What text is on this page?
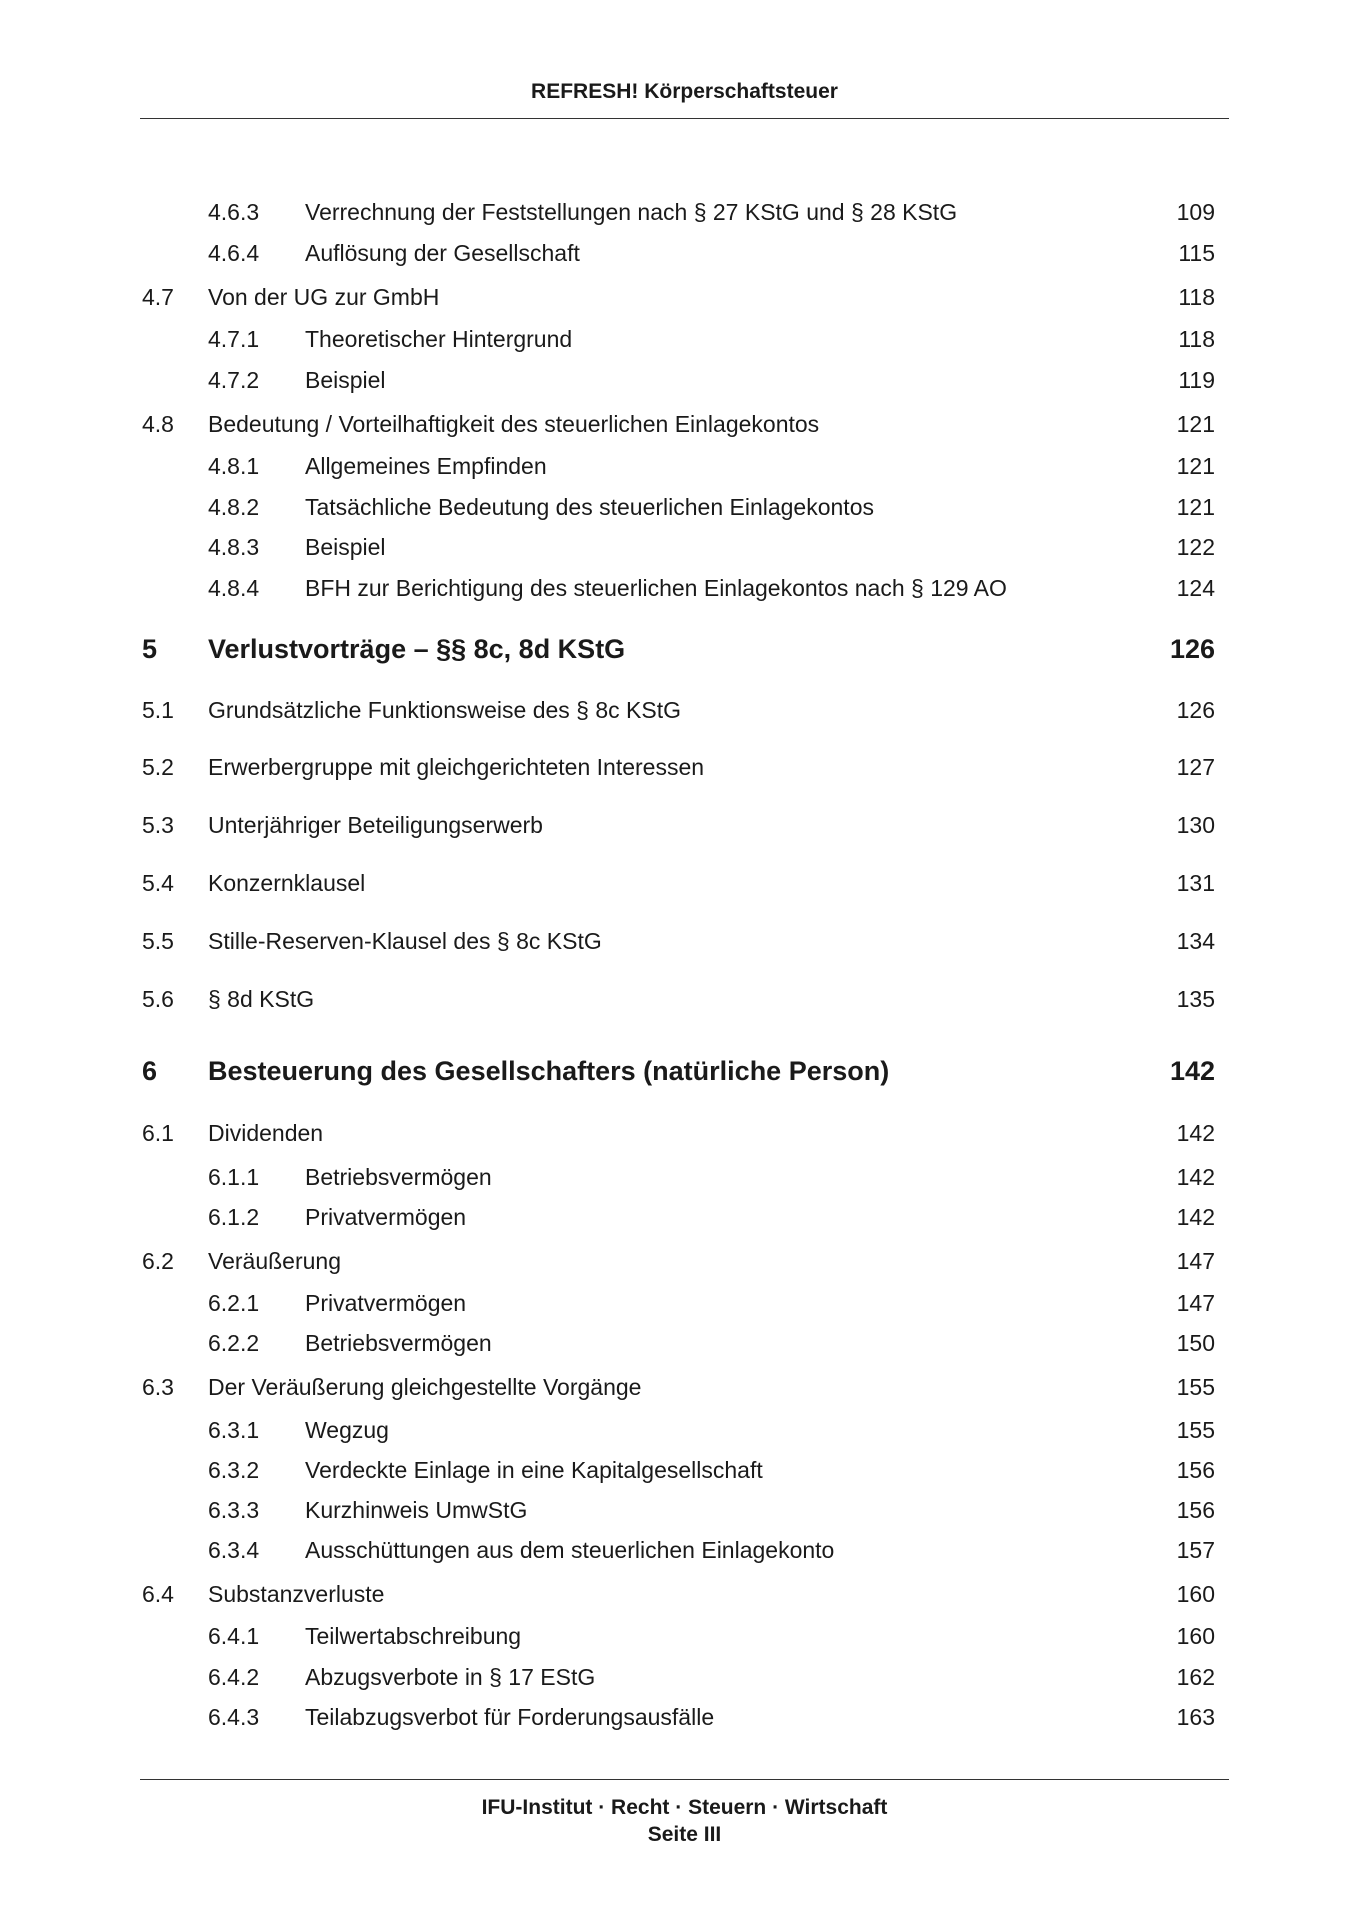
REFRESH! Körperschaftsteuer
4.6.3 Verrechnung der Feststellungen nach § 27 KStG und § 28 KStG	109
4.6.4 Auflösung der Gesellschaft	115
4.7 Von der UG zur GmbH	118
4.7.1 Theoretischer Hintergrund	118
4.7.2 Beispiel	119
4.8 Bedeutung / Vorteilhaftigkeit des steuerlichen Einlagekontos	121
4.8.1 Allgemeines Empfinden	121
4.8.2 Tatsächliche Bedeutung des steuerlichen Einlagekontos	121
4.8.3 Beispiel	122
4.8.4 BFH zur Berichtigung des steuerlichen Einlagekontos nach § 129 AO	124
5 Verlustvorträge – §§ 8c, 8d KStG	126
5.1 Grundsätzliche Funktionsweise des § 8c KStG	126
5.2 Erwerbergruppe mit gleichgerichteten Interessen	127
5.3 Unterjähriger Beteiligungserwerb	130
5.4 Konzernklausel	131
5.5 Stille-Reserven-Klausel des § 8c KStG	134
5.6 § 8d KStG	135
6 Besteuerung des Gesellschafters (natürliche Person)	142
6.1 Dividenden	142
6.1.1 Betriebsvermögen	142
6.1.2 Privatvermögen	142
6.2 Veräußerung	147
6.2.1 Privatvermögen	147
6.2.2 Betriebsvermögen	150
6.3 Der Veräußerung gleichgestellte Vorgänge	155
6.3.1 Wegzug	155
6.3.2 Verdeckte Einlage in eine Kapitalgesellschaft	156
6.3.3 Kurzhinweis UmwStG	156
6.3.4 Ausschüttungen aus dem steuerlichen Einlagekonto	157
6.4 Substanzverluste	160
6.4.1 Teilwertabschreibung	160
6.4.2 Abzugsverbote in § 17 EStG	162
6.4.3 Teilabzugsverbot für Forderungsausfälle	163
IFU-Institut · Recht · Steuern · Wirtschaft
Seite III
